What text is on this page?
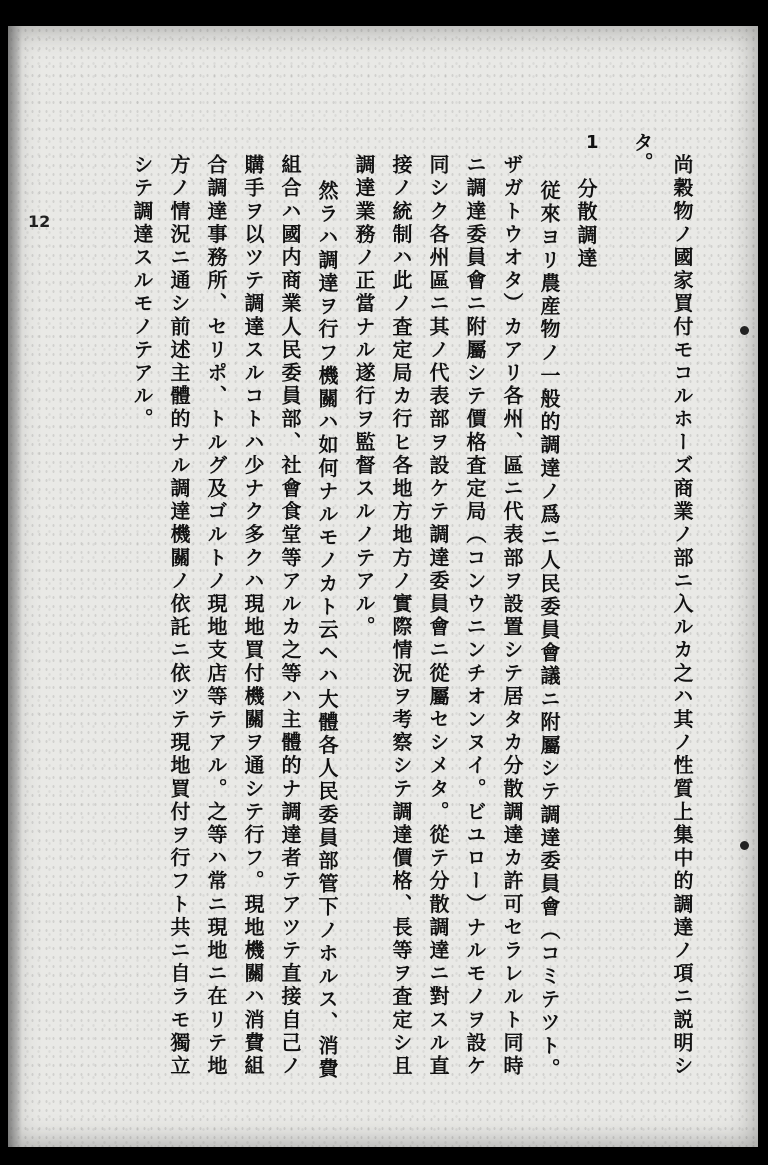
12
1
尚穀物ノ國家買付モコルホーズ商業ノ部ニ入ルカ之ハ其ノ性質上集中的調達ノ項ニ説明シ
タ。
分散調達
従來ヨリ農産物ノ一般的調達ノ爲ニ人民委員會議ニ附屬シテ調達委員會（コミテツト。
ザガトウオタ）カアリ各州、區ニ代表部ヲ設置シテ居タカ分散調達カ許可セラレルト同時
ニ調達委員會ニ附屬シテ價格査定局（コンウニンチオンヌイ。ビユロー）ナルモノヲ設ケ
同シク各州區ニ其ノ代表部ヲ設ケテ調達委員會ニ從屬セシメタ。從テ分散調達ニ對スル直
接ノ統制ハ此ノ査定局カ行ヒ各地方地方ノ實際情況ヲ考察シテ調達價格、長等ヲ査定シ且
調達業務ノ正當ナル遂行ヲ監督スルノテアル。
然ラハ調達ヲ行フ機關ハ如何ナルモノカト云ヘハ大體各人民委員部管下ノホルス、消費
組合ハ國内商業人民委員部、社會食堂等アルカ之等ハ主體的ナ調達者テアツテ直接自己ノ
購手ヲ以ツテ調達スルコトハ少ナク多クハ現地買付機關ヲ通シテ行フ。現地機關ハ消費組
合調達事務所、セリポ、トルグ及ゴルトノ現地支店等テアル。之等ハ常ニ現地ニ在リテ地
方ノ情況ニ通シ前述主體的ナル調達機關ノ依託ニ依ツテ現地買付ヲ行フト共ニ自ラモ獨立
シテ調達スルモノテアル。
